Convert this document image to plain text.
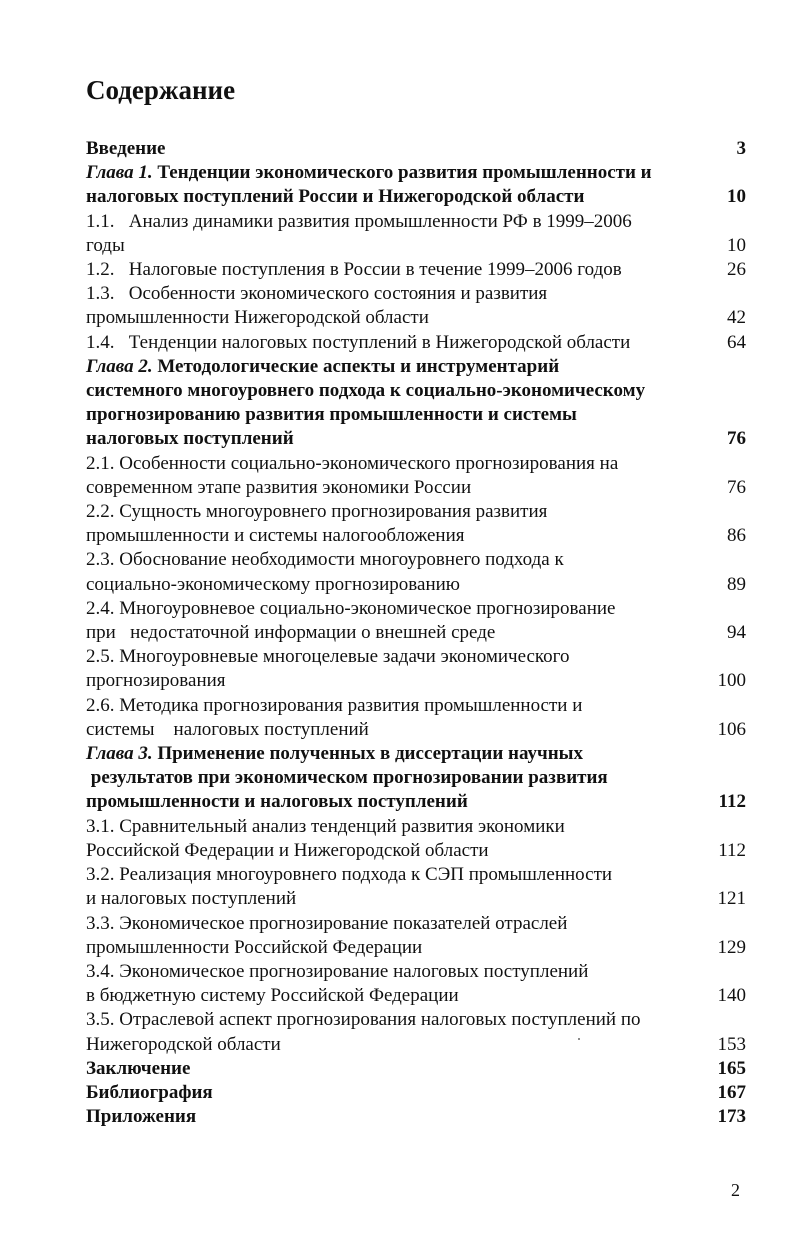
Содержание
Введение	3
Глава 1. Тенденции экономического развития промышленности и
налоговых поступлений России и Нижегородской области	10
1.1.   Анализ динамики развития промышленности РФ в 1999–2006
годы	10
1.2.   Налоговые поступления в России в течение 1999–2006 годов	26
1.3.   Особенности экономического состояния и развития
промышленности Нижегородской области	42
1.4.   Тенденции налоговых поступлений в Нижегородской области	64
Глава 2. Методологические аспекты и инструментарий
системного многоуровнего подхода к социально-экономическому
прогнозированию развития промышленности и системы
налоговых поступлений	76
2.1. Особенности социально-экономического прогнозирования на
современном этапе развития экономики России	76
2.2. Сущность многоуровнего прогнозирования развития
промышленности и системы налогообложения	86
2.3. Обоснование необходимости многоуровнего подхода к
социально-экономическому прогнозированию	89
2.4. Многоуровневое социально-экономическое прогнозирование
при   недостаточной информации о внешней среде	94
2.5. Многоуровневые многоцелевые задачи экономического
прогнозирования	100
2.6. Методика прогнозирования развития промышленности и
системы    налоговых поступлений	106
Глава 3. Применение полученных в диссертации научных
результатов при экономическом прогнозировании развития
промышленности и налоговых поступлений	112
3.1. Сравнительный анализ тенденций развития экономики
Российской Федерации и Нижегородской области	112
3.2. Реализация многоуровнего подхода к СЭП промышленности
и налоговых поступлений	121
3.3. Экономическое прогнозирование показателей отраслей
промышленности Российской Федерации	129
3.4. Экономическое прогнозирование налоговых поступлений
в бюджетную систему Российской Федерации	140
3.5. Отраслевой аспект прогнозирования налоговых поступлений по
Нижегородской области	153
Заключение	165
Библиография	167
Приложения	173
2
